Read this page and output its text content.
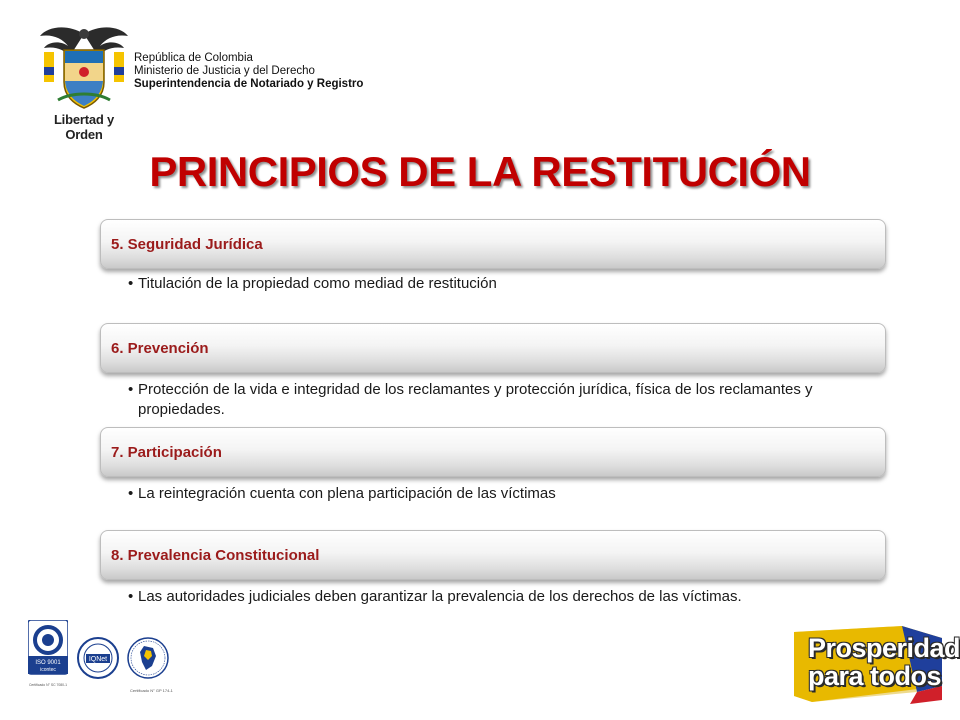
Libertad y Orden
República de Colombia
Ministerio de Justicia y del Derecho
Superintendencia de Notariado y Registro
PRINCIPIOS DE LA RESTITUCIÓN
5. Seguridad Jurídica
• Titulación de la propiedad como mediad de restitución
6. Prevención
• Protección de la vida e integridad de los reclamantes y protección jurídica, física de los reclamantes y propiedades.
7. Participación
• La reintegración cuenta con plena participación de las víctimas
8. Prevalencia Constitucional
• Las autoridades judiciales deben garantizar la prevalencia de los derechos de las víctimas.
ISO 9001
icontec
Certificado N° SC 7080-1
IQNet
Certificado N° GP 174-1
Prosperidad
para todos
